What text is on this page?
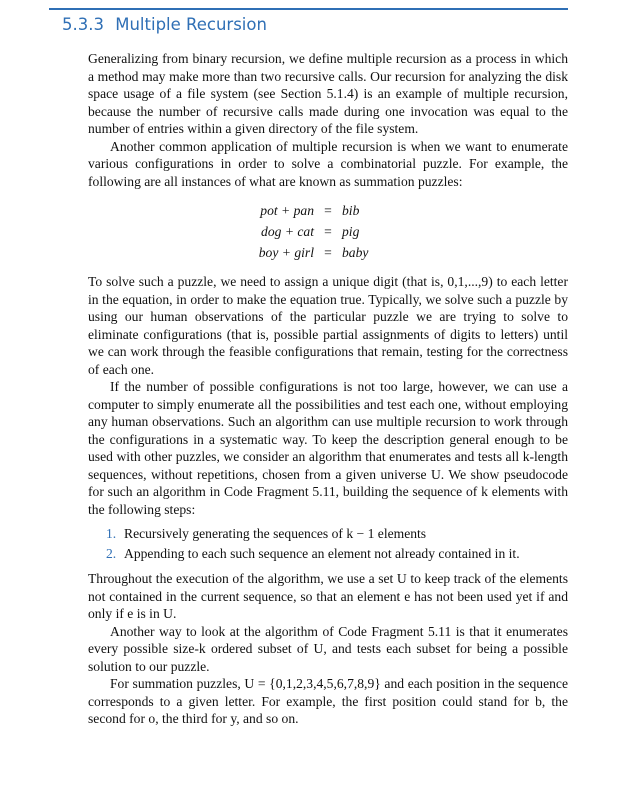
5.3.3 Multiple Recursion

Generalizing from binary recursion, we define multiple recursion as a process in which a method may make more than two recursive calls. Our recursion for analyzing the disk space usage of a file system (see Section 5.1.4) is an example of multiple recursion, because the number of recursive calls made during one invocation was equal to the number of entries within a given directory of the file system.

Another common application of multiple recursion is when we want to enumerate various configurations in order to solve a combinatorial puzzle. For example, the following are all instances of what are known as summation puzzles:

pot + pan = bib
dog + cat = pig
boy + girl = baby

To solve such a puzzle, we need to assign a unique digit (that is, 0,1,...,9) to each letter in the equation, in order to make the equation true. Typically, we solve such a puzzle by using our human observations of the particular puzzle we are trying to solve to eliminate configurations (that is, possible partial assignments of digits to letters) until we can work through the feasible configurations that remain, testing for the correctness of each one.

If the number of possible configurations is not too large, however, we can use a computer to simply enumerate all the possibilities and test each one, without employing any human observations. Such an algorithm can use multiple recursion to work through the configurations in a systematic way. To keep the description general enough to be used with other puzzles, we consider an algorithm that enumerates and tests all k-length sequences, without repetitions, chosen from a given universe U. We show pseudocode for such an algorithm in Code Fragment 5.11, building the sequence of k elements with the following steps:

1. Recursively generating the sequences of k − 1 elements
2. Appending to each such sequence an element not already contained in it.

Throughout the execution of the algorithm, we use a set U to keep track of the elements not contained in the current sequence, so that an element e has not been used yet if and only if e is in U.

Another way to look at the algorithm of Code Fragment 5.11 is that it enumerates every possible size-k ordered subset of U, and tests each subset for being a possible solution to our puzzle.

For summation puzzles, U = {0,1,2,3,4,5,6,7,8,9} and each position in the sequence corresponds to a given letter. For example, the first position could stand for b, the second for o, the third for y, and so on.
